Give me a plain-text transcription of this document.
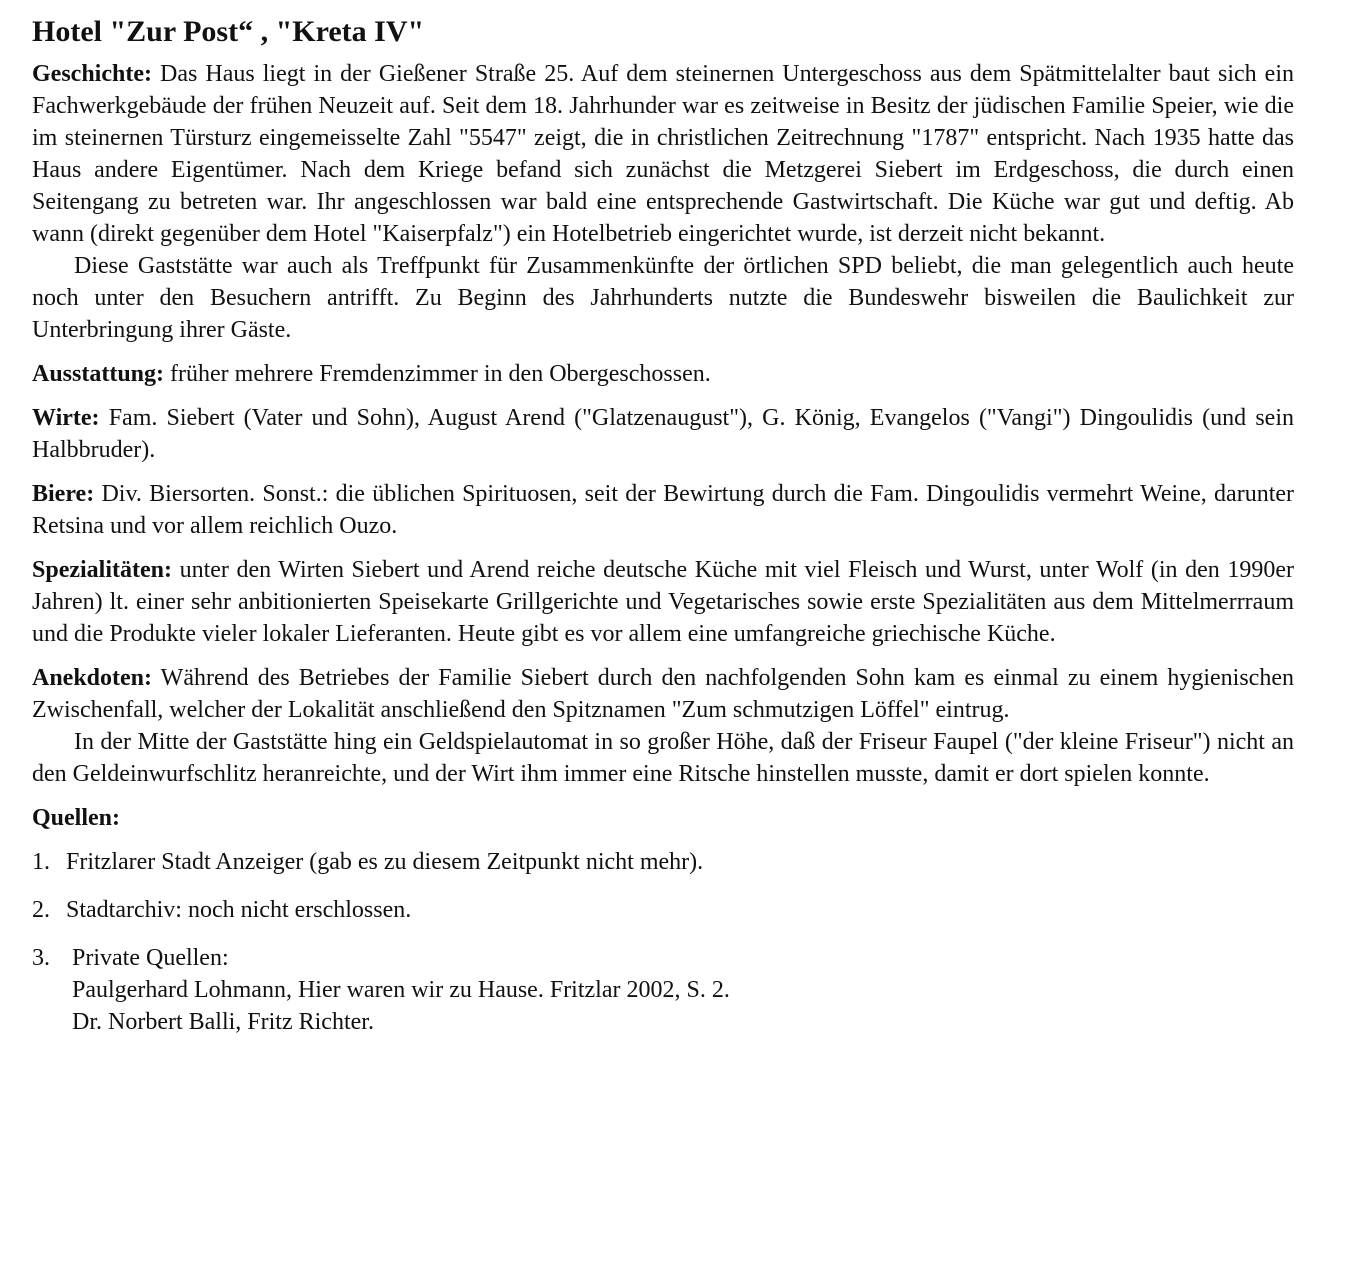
Hotel "Zur Post“ , "Kreta IV"
Geschichte: Das Haus liegt in der Gießener Straße 25. Auf dem steinernen Untergeschoss aus dem Spätmittelalter baut sich ein Fachwerkgebäude der frühen Neuzeit auf. Seit dem 18. Jahrhunder war es zeitweise in Besitz der jüdischen Familie Speier, wie die im steinernen Türsturz eingemeisselte Zahl "5547" zeigt, die in christlichen Zeitrechnung "1787" entspricht. Nach 1935 hatte das Haus andere Eigentümer. Nach dem Kriege befand sich zunächst die Metzgerei Siebert im Erdgeschoss, die durch einen Seitengang zu betreten war. Ihr angeschlossen war bald eine entsprechende Gastwirtschaft. Die Küche war gut und deftig. Ab wann (direkt gegenüber dem Hotel "Kaiserpfalz") ein Hotelbetrieb eingerichtet wurde, ist derzeit nicht bekannt.
Diese Gaststätte war auch als Treffpunkt für Zusammenkünfte der örtlichen SPD beliebt, die man gelegentlich auch heute noch unter den Besuchern antrifft. Zu Beginn des Jahrhunderts nutzte die Bundeswehr bisweilen die Baulichkeit zur Unterbringung ihrer Gäste.
Ausstattung: früher mehrere Fremdenzimmer in den Obergeschossen.
Wirte: Fam. Siebert (Vater und Sohn), August Arend ("Glatzenaugust"), G. König, Evangelos ("Vangi") Dingoulidis (und sein Halbbruder).
Biere: Div. Biersorten. Sonst.: die üblichen Spirituosen, seit der Bewirtung durch die Fam. Dingoulidis vermehrt Weine, darunter Retsina und vor allem reichlich Ouzo.
Spezialitäten: unter den Wirten Siebert und Arend reiche deutsche Küche mit viel Fleisch und Wurst, unter Wolf (in den 1990er Jahren) lt. einer sehr anbitionierten Speisekarte Grillgerichte und Vegetarisches sowie erste Spezialitäten aus dem Mittelmerrraum und die Produkte vieler lokaler Lieferanten. Heute gibt es vor allem eine umfangreiche griechische Küche.
Anekdoten: Während des Betriebes der Familie Siebert durch den nachfolgenden Sohn kam es einmal zu einem hygienischen Zwischenfall, welcher der Lokalität anschließend den Spitznamen "Zum schmutzigen Löffel" eintrug.
In der Mitte der Gaststätte hing ein Geldspielautomat in so großer Höhe, daß der Friseur Faupel ("der kleine Friseur") nicht an den Geldeinwurfschlitz heranreichte, und der Wirt ihm immer eine Ritsche hinstellen musste, damit er dort spielen konnte.
Quellen:
1. Fritzlarer Stadt Anzeiger (gab es zu diesem Zeitpunkt nicht mehr).
2. Stadtarchiv: noch nicht erschlossen.
3. Private Quellen:
Paulgerhard Lohmann, Hier waren wir zu Hause. Fritzlar 2002, S. 2.
Dr. Norbert Balli, Fritz Richter.
